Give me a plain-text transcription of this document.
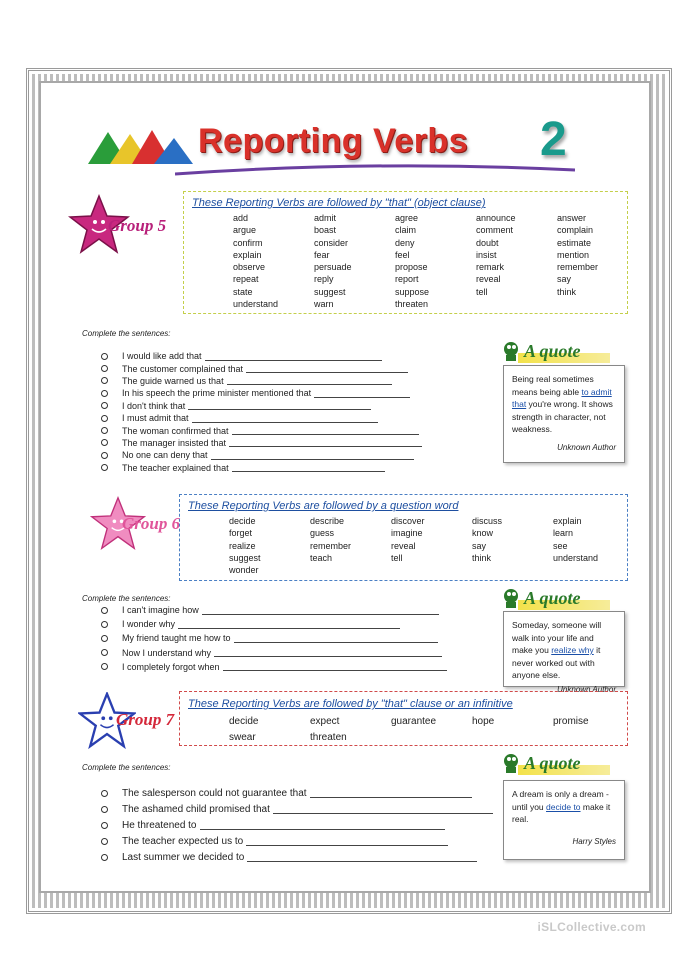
Reporting Verbs 2
Group 5
These Reporting Verbs are followed by "that" (object clause)
add	admit	agree	announce	answer
argue	boast	claim	comment	complain
confirm	consider	deny	doubt	estimate
explain	fear	feel	insist	mention
observe	persuade	propose	remark	remember
repeat	reply	report	reveal	say
state	suggest	suppose	tell	think
understand	warn	threaten
Complete the sentences:
I would like add that
The customer complained that
The guide warned us that
In his speech the prime minister mentioned that
I don't think that
I must admit that
The woman confirmed that
The manager insisted that
No one can deny that
The teacher explained that
A quote
Being real sometimes means being able to admit that you're wrong. It shows strength in character, not weakness.
Unknown Author
Group 6
These Reporting Verbs are followed by a question word
decide	describe	discover	discuss	explain
forget	guess	imagine	know	learn
realize	remember	reveal	say	see
suggest	teach	tell	think	understand
wonder
Complete the sentences:
I can't imagine how
I wonder why
My friend taught me how to
Now I understand why
I completely forgot when
A quote
Someday, someone will walk into your life and make you realize why it never worked out with anyone else.
Unknown Author
Group 7
These Reporting Verbs are followed by "that" clause or an infinitive
decide	expect	guarantee	hope	promise
swear	threaten
Complete the sentences:
The salesperson could not guarantee that
The ashamed child promised that
He threatened to
The teacher expected us to
Last summer we decided to
A quote
A dream is only a dream - until you decide to make it real.
Harry Styles
iSLCollective.com
